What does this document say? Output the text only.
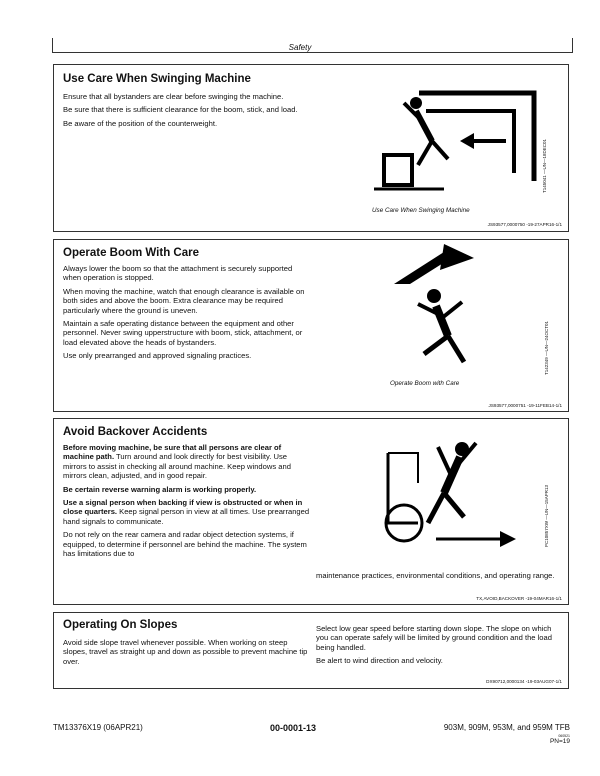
Safety
Use Care When Swinging Machine

Ensure that all bystanders are clear before swinging the machine.

Be sure that there is sufficient clearance for the boom, stick, and load.

Be aware of the position of the counterweight.

T145041 —UN—18DEC01
Use Care When Swinging Machine
JS93577,0000750 -19-27APR16-1/1
Operate Boom With Care

Always lower the boom so that the attachment is securely supported when operation is stopped.

When moving the machine, watch that enough clearance is available on both sides and above the boom. Extra clearance may be required particularly where the ground is uneven.

Maintain a safe operating distance between the equipment and other personnel. Never swing upperstructure with boom, stick, attachment, or load elevated above the heads of bystanders.

Use only prearranged and approved signaling practices.	T142349 —UN—24OCT01
Operate Boom with Care
JS93577,0000751 -19-11FEB14-1/1
Avoid Backover Accidents

Before moving machine, be sure that all persons are clear of machine path. Turn around and look directly for best visibility. Use mirrors to assist in checking all around machine. Keep windows and mirrors clean, adjusted, and in good repair.

Be certain reverse warning alarm is working properly.

Use a signal person when backing if view is obstructed or when in close quarters. Keep signal person in view at all times. Use prearranged hand signals to communicate.

Do not rely on the rear camera and radar object detection systems, if equipped, to determine if personnel are behind the machine. The system has limitations due to

PC10857XW —UN—15APR13
maintenance practices, environmental conditions, and operating range.
TX,AVOID,BACKOVER -19-04MAR16-1/1
Operating On Slopes
Avoid side slope travel whenever possible. When working on steep slopes, travel as straight up and down as possible to prevent machine tip over.

Select low gear speed before starting down slope. The slope on which you can operate safely will be limited by ground condition and the load being handled.

Be alert to wind direction and velocity.

DX90712,0000134 -19-03AUG07-1/1
TM13376X19 (06APR21)	00-0001-13	903M, 909M, 953M, and 959M TFB
060521
PN=19
